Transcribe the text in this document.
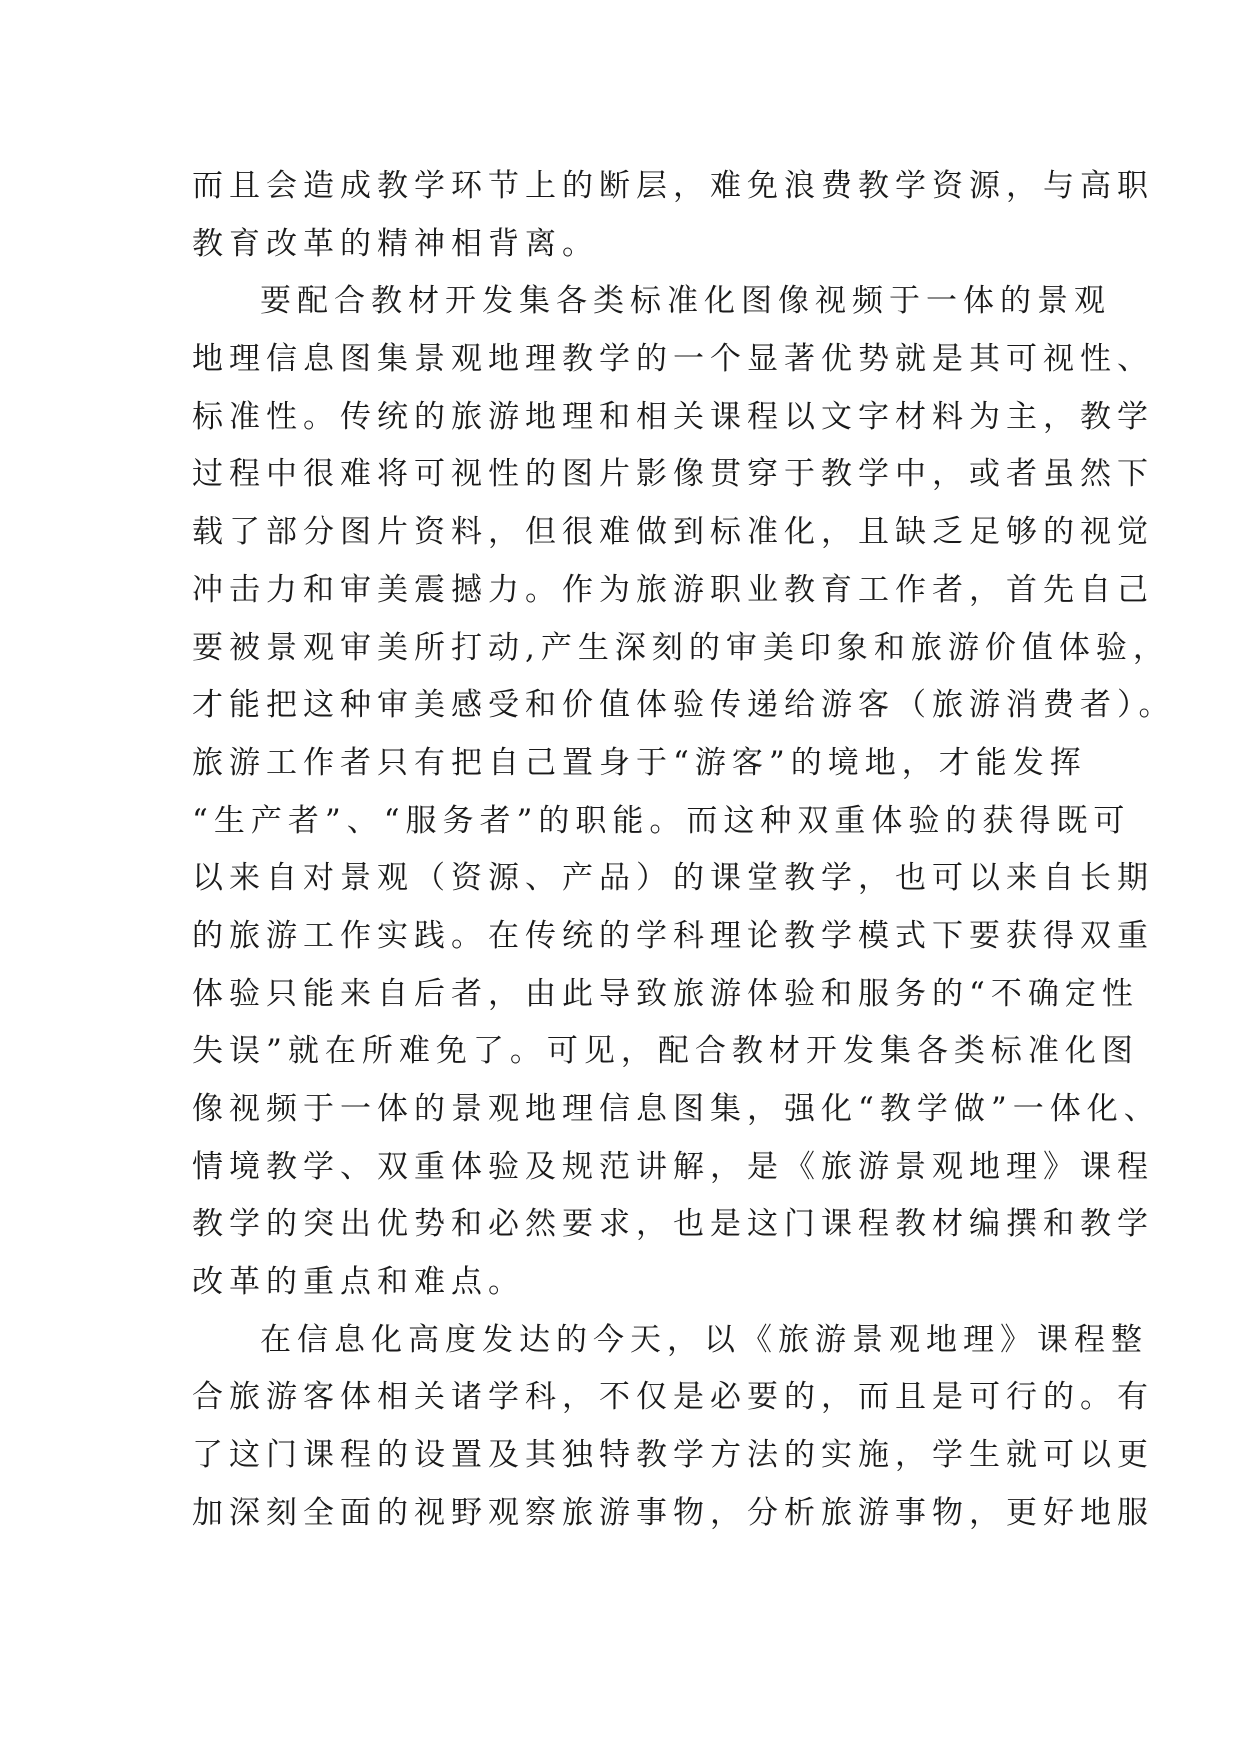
而且会造成教学环节上的断层，难免浪费教学资源，与高职
教育改革的精神相背离。
要配合教材开发集各类标准化图像视频于一体的景观
地理信息图集景观地理教学的一个显著优势就是其可视性、
标准性。传统的旅游地理和相关课程以文字材料为主，教学
过程中很难将可视性的图片影像贯穿于教学中，或者虽然下
载了部分图片资料，但很难做到标准化，且缺乏足够的视觉
冲击力和审美震撼力。作为旅游职业教育工作者，首先自己
要被景观审美所打动,产生深刻的审美印象和旅游价值体验，
才能把这种审美感受和价值体验传递给游客（旅游消费者）。
旅游工作者只有把自己置身于“游客”的境地，才能发挥
“生产者”、“服务者”的职能。而这种双重体验的获得既可
以来自对景观（资源、产品）的课堂教学，也可以来自长期
的旅游工作实践。在传统的学科理论教学模式下要获得双重
体验只能来自后者，由此导致旅游体验和服务的“不确定性
失误”就在所难免了。可见，配合教材开发集各类标准化图
像视频于一体的景观地理信息图集，强化“教学做”一体化、
情境教学、双重体验及规范讲解，是《旅游景观地理》课程
教学的突出优势和必然要求，也是这门课程教材编撰和教学
改革的重点和难点。
在信息化高度发达的今天，以《旅游景观地理》课程整
合旅游客体相关诸学科，不仅是必要的，而且是可行的。有
了这门课程的设置及其独特教学方法的实施，学生就可以更
加深刻全面的视野观察旅游事物，分析旅游事物，更好地服
